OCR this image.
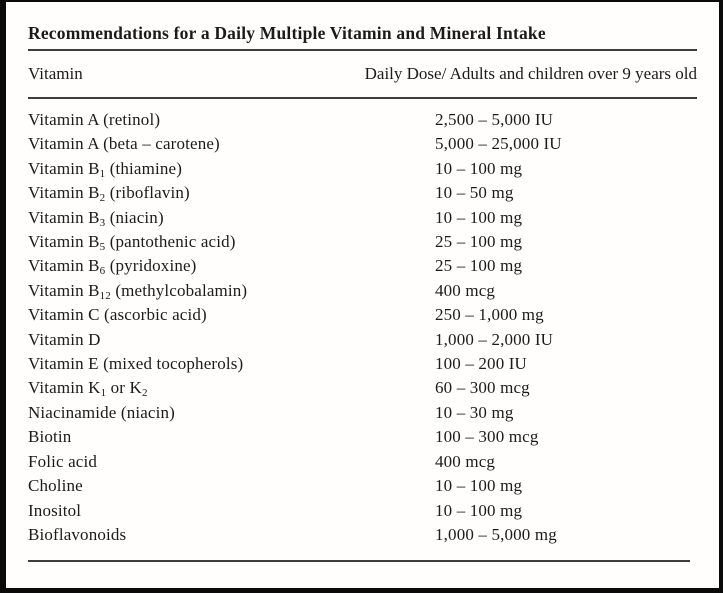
Recommendations for a Daily Multiple Vitamin and Mineral Intake
Vitamin	Daily Dose/ Adults and children over 9 years old
Vitamin A (retinol)	2,500 – 5,000 IU
Vitamin A (beta – carotene)	5,000 – 25,000 IU
Vitamin $B_1$ (thiamine)	10 – 100 mg
Vitamin $B_2$ (riboflavin)	10 – 50 mg
Vitamin $B_3$ (niacin)	10 – 100 mg
Vitamin $B_5$ (pantothenic acid)	25 – 100 mg
Vitamin $B_6$ (pyridoxine)	25 – 100 mg
Vitamin $B_{12}$ (methylcobalamin)	400 mcg
Vitamin C (ascorbic acid)	250 – 1,000 mg
Vitamin D	1,000 – 2,000 IU
Vitamin E (mixed tocopherols)	100 – 200 IU
Vitamin $K_1$ or $K_2$	60 – 300 mcg
Niacinamide (niacin)	10 – 30 mg
Biotin	100 – 300 mcg
Folic acid	400 mcg
Choline	10 – 100 mg
Inositol	10 – 100 mg
Bioflavonoids	1,000 – 5,000 mg
